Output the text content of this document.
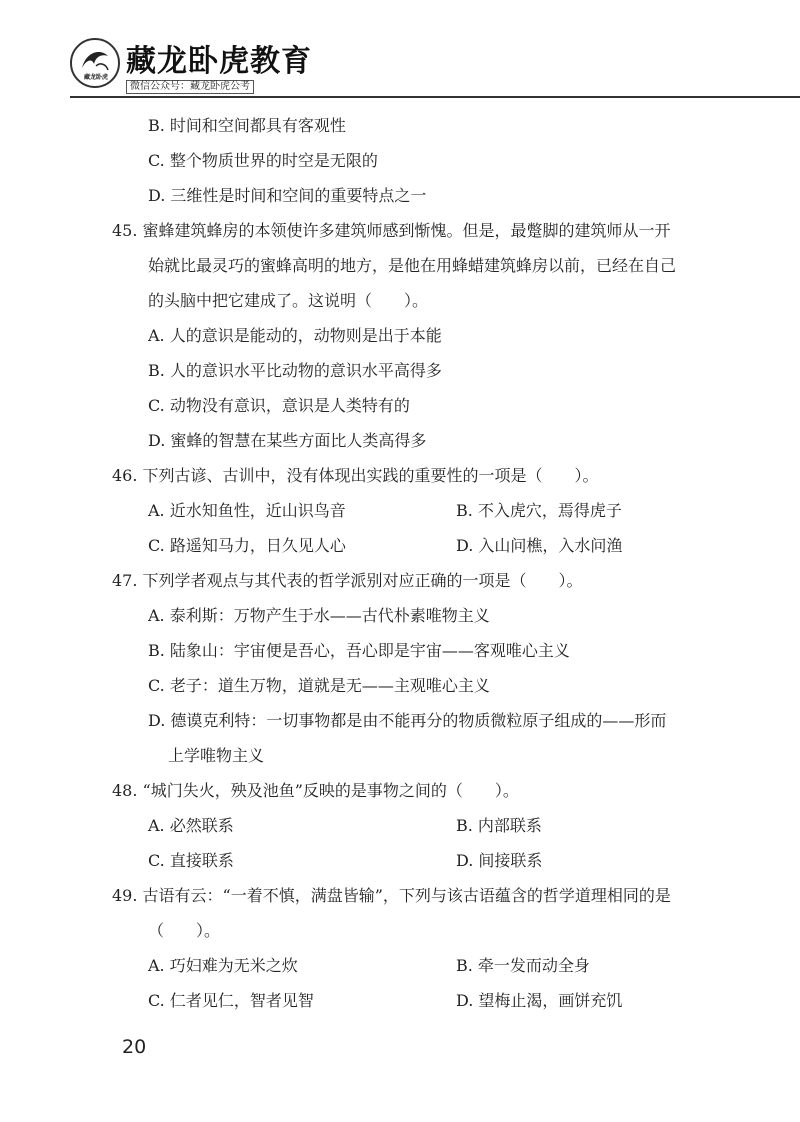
藏龙卧虎 藏龙卧虎教育
微信公众号：藏龙卧虎公考
B. 时间和空间都具有客观性
C. 整个物质世界的时空是无限的
D. 三维性是时间和空间的重要特点之一
45. 蜜蜂建筑蜂房的本领使许多建筑师感到惭愧。但是，最蹩脚的建筑师从一开
始就比最灵巧的蜜蜂高明的地方，是他在用蜂蜡建筑蜂房以前，已经在自己
的头脑中把它建成了。这说明（　　）。
A. 人的意识是能动的，动物则是出于本能
B. 人的意识水平比动物的意识水平高得多
C. 动物没有意识，意识是人类特有的
D. 蜜蜂的智慧在某些方面比人类高得多
46. 下列古谚、古训中，没有体现出实践的重要性的一项是（　　）。
A. 近水知鱼性，近山识鸟音	B. 不入虎穴，焉得虎子
C. 路遥知马力，日久见人心	D. 入山问樵，入水问渔
47. 下列学者观点与其代表的哲学派别对应正确的一项是（　　）。
A. 泰利斯：万物产生于水——古代朴素唯物主义
B. 陆象山：宇宙便是吾心，吾心即是宇宙——客观唯心主义
C. 老子：道生万物，道就是无——主观唯心主义
D. 德谟克利特：一切事物都是由不能再分的物质微粒原子组成的——形而
上学唯物主义
48. “城门失火，殃及池鱼”反映的是事物之间的（　　）。
A. 必然联系	B. 内部联系
C. 直接联系	D. 间接联系
49. 古语有云：“一着不慎，满盘皆输”，下列与该古语蕴含的哲学道理相同的是
（　　）。
A. 巧妇难为无米之炊	B. 牵一发而动全身
C. 仁者见仁，智者见智	D. 望梅止渴，画饼充饥
20
